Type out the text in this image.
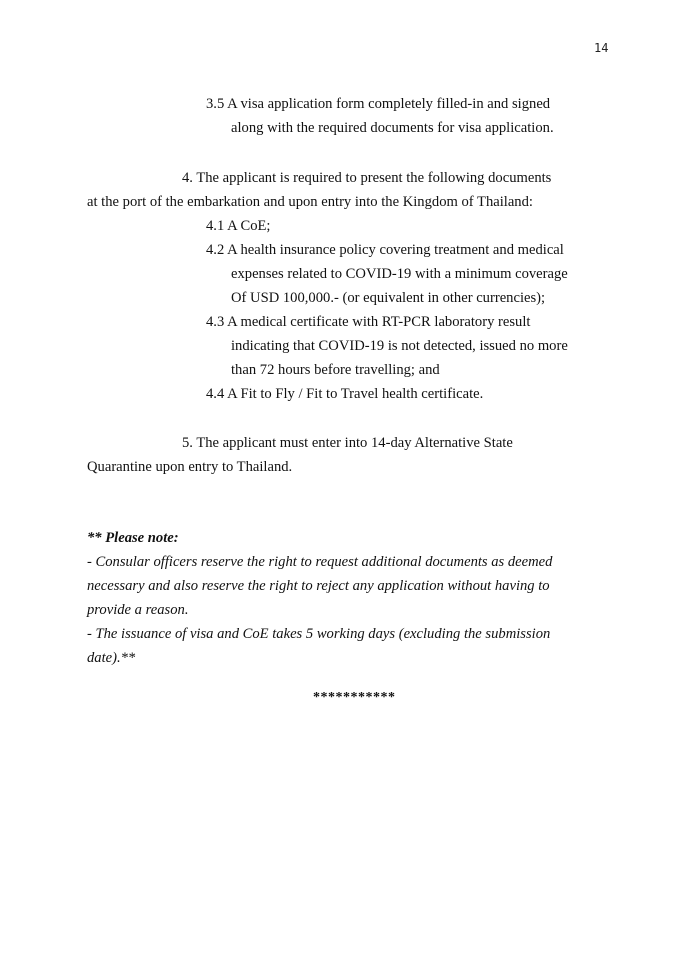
14
3.5 A visa application form completely filled-in and signed
along with the required documents for visa application.
4. The applicant is required to present the following documents
at the port of the embarkation and upon entry into the Kingdom of Thailand:
4.1 A CoE;
4.2 A health insurance policy covering treatment and medical
expenses related to COVID-19 with a minimum coverage
Of USD 100,000.- (or equivalent in other currencies);
4.3 A medical certificate with RT-PCR laboratory result
indicating that COVID-19 is not detected, issued no more
than 72 hours before travelling; and
4.4 A Fit to Fly / Fit to Travel health certificate.
5. The applicant must enter into 14-day Alternative State
Quarantine upon entry to Thailand.
** Please note:
- Consular officers reserve the right to request additional documents as deemed
necessary and also reserve the right to reject any application without having to
provide a reason.
- The issuance of visa and CoE takes 5 working days (excluding the submission
date).**
***********
